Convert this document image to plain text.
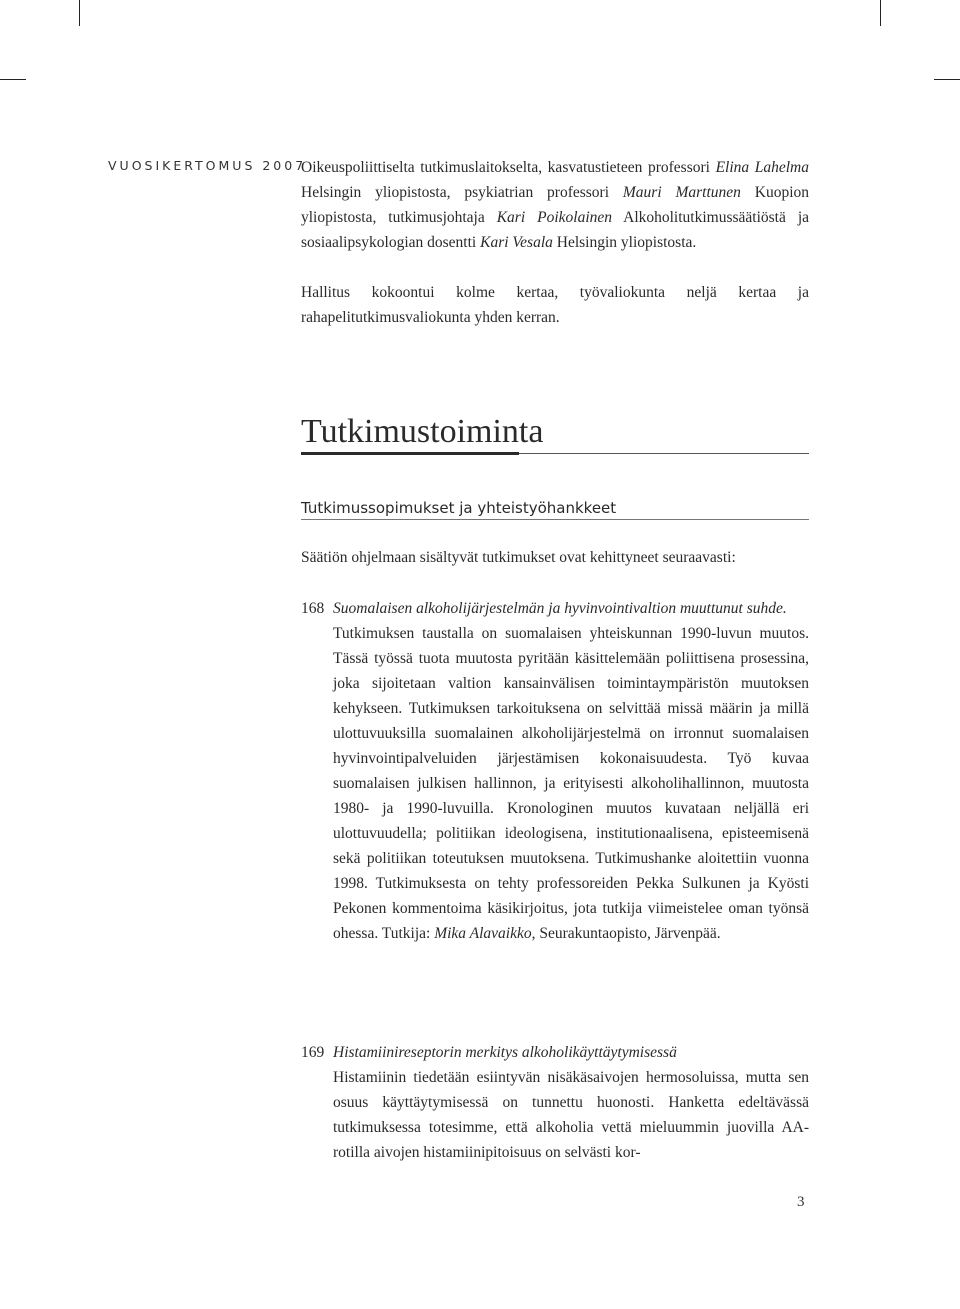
VUOSIKERTOMUS 2007

Oikeuspoliittiselta tutkimuslaitokselta, kasvatustieteen professori Elina Lahelma Helsingin yliopistosta, psykiatrian professori Mauri Marttunen Kuopion yliopistosta, tutkimusjohtaja Kari Poikolainen Alkoholitutkimussäätiöstä ja sosiaalipsykologian dosentti Kari Vesala Helsingin yliopistosta.

Hallitus kokoontui kolme kertaa, työvaliokunta neljä kertaa ja rahapelitutkimusvaliokunta yhden kerran.

Tutkimustoiminta
Tutkimussopimukset ja yhteistyöhankkeet

Säätiön ohjelmaan sisältyvät tutkimukset ovat kehittyneet seuraavasti:

168 Suomalaisen alkoholijärjestelmän ja hyvinvointivaltion muuttunut suhde.

Tutkimuksen taustalla on suomalaisen yhteiskunnan 1990-luvun muutos. Tässä työssä tuota muutosta pyritään käsittelemään poliittisena prosessina, joka sijoitetaan valtion kansainvälisen toimintaympäristön muutoksen kehykseen. Tutkimuksen tarkoituksena on selvittää missä määrin ja millä ulottuvuuksilla suomalainen alkoholijärjestelmä on irronnut suomalaisen hyvinvointipalveluiden järjestämisen kokonaisuudesta. Työ kuvaa suomalaisen julkisen hallinnon, ja erityisesti alkoholihallinnon, muutosta 1980- ja 1990-luvuilla. Kronologinen muutos kuvataan neljällä eri ulottuvuudella; politiikan ideologisena, institutionaalisena, episteemisenä sekä politiikan toteutuksen muutoksena. Tutkimushanke aloitettiin vuonna 1998. Tutkimuksesta on tehty professoreiden Pekka Sulkunen ja Kyösti Pekonen kommentoima käsikirjoitus, jota tutkija viimeistelee oman työnsä ohessa. Tutkija: Mika Alavaikko, Seurakuntaopisto, Järvenpää.

169 Histamiinireseptorin merkitys alkoholikäyttäytymisessä

Histamiinin tiedetään esiintyvän nisäkäsaivojen hermosoluissa, mutta sen osuus käyttäytymisessä on tunnettu huonosti. Hanketta edeltävässä tutkimuksessa totesimme, että alkoholia vettä mieluummin juovilla AA-rotilla aivojen histamiinipitoisuus on selvästi kor-

3
